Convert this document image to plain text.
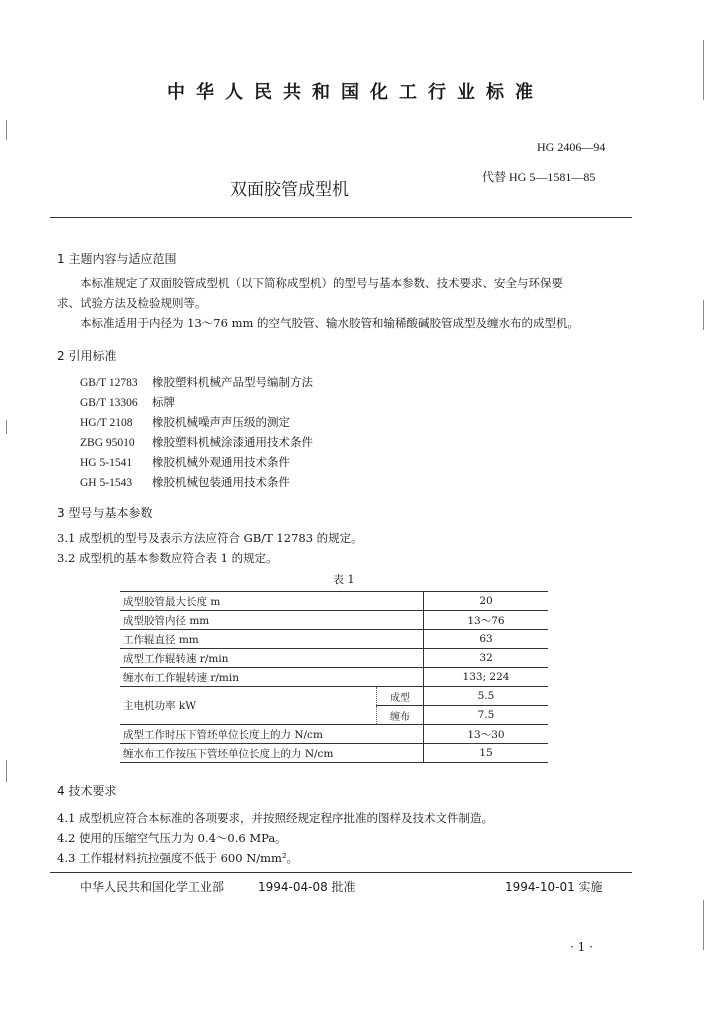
中华人民共和国化工行业标准
HG 2406—94
代替 HG 5—1581—85
双面胶管成型机
1 主题内容与适应范围
本标准规定了双面胶管成型机（以下简称成型机）的型号与基本参数、技术要求、安全与环保要
求、试验方法及检验规则等。
本标准适用于内径为 13～76 mm 的空气胶管、输水胶管和输稀酸碱胶管成型及缠水布的成型机。
2 引用标准
GB/T 12783 橡胶塑料机械产品型号编制方法
GB/T 13306 标牌
HG/T 2108 橡胶机械噪声声压级的测定
ZBG 95010 橡胶塑料机械涂漆通用技术条件
HG 5-1541 橡胶机械外观通用技术条件
GH 5-1543 橡胶机械包装通用技术条件
3 型号与基本参数
3.1 成型机的型号及表示方法应符合 GB/T 12783 的规定。
3.2 成型机的基本参数应符合表 1 的规定。
表 1
成型胶管最大长度 m		20
成型胶管内径 mm		13～76
工作辊直径 mm		63
成型工作辊转速 r/min		32
缠水布工作辊转速 r/min		133; 224
主电机功率 kW	成型	5.5
	缠布	7.5
成型工作时压下管坯单位长度上的力 N/cm		13～30
缠水布工作按压下管坯单位长度上的力 N/cm		15
4 技术要求
4.1 成型机应符合本标准的各项要求，并按照经规定程序批准的图样及技术文件制造。
4.2 使用的压缩空气压力为 0.4～0.6 MPa。
4.3 工作辊材料抗拉强度不低于 600 N/mm²。
中华人民共和国化学工业部	1994-04-08 批准	1994-10-01 实施
· 1 ·
